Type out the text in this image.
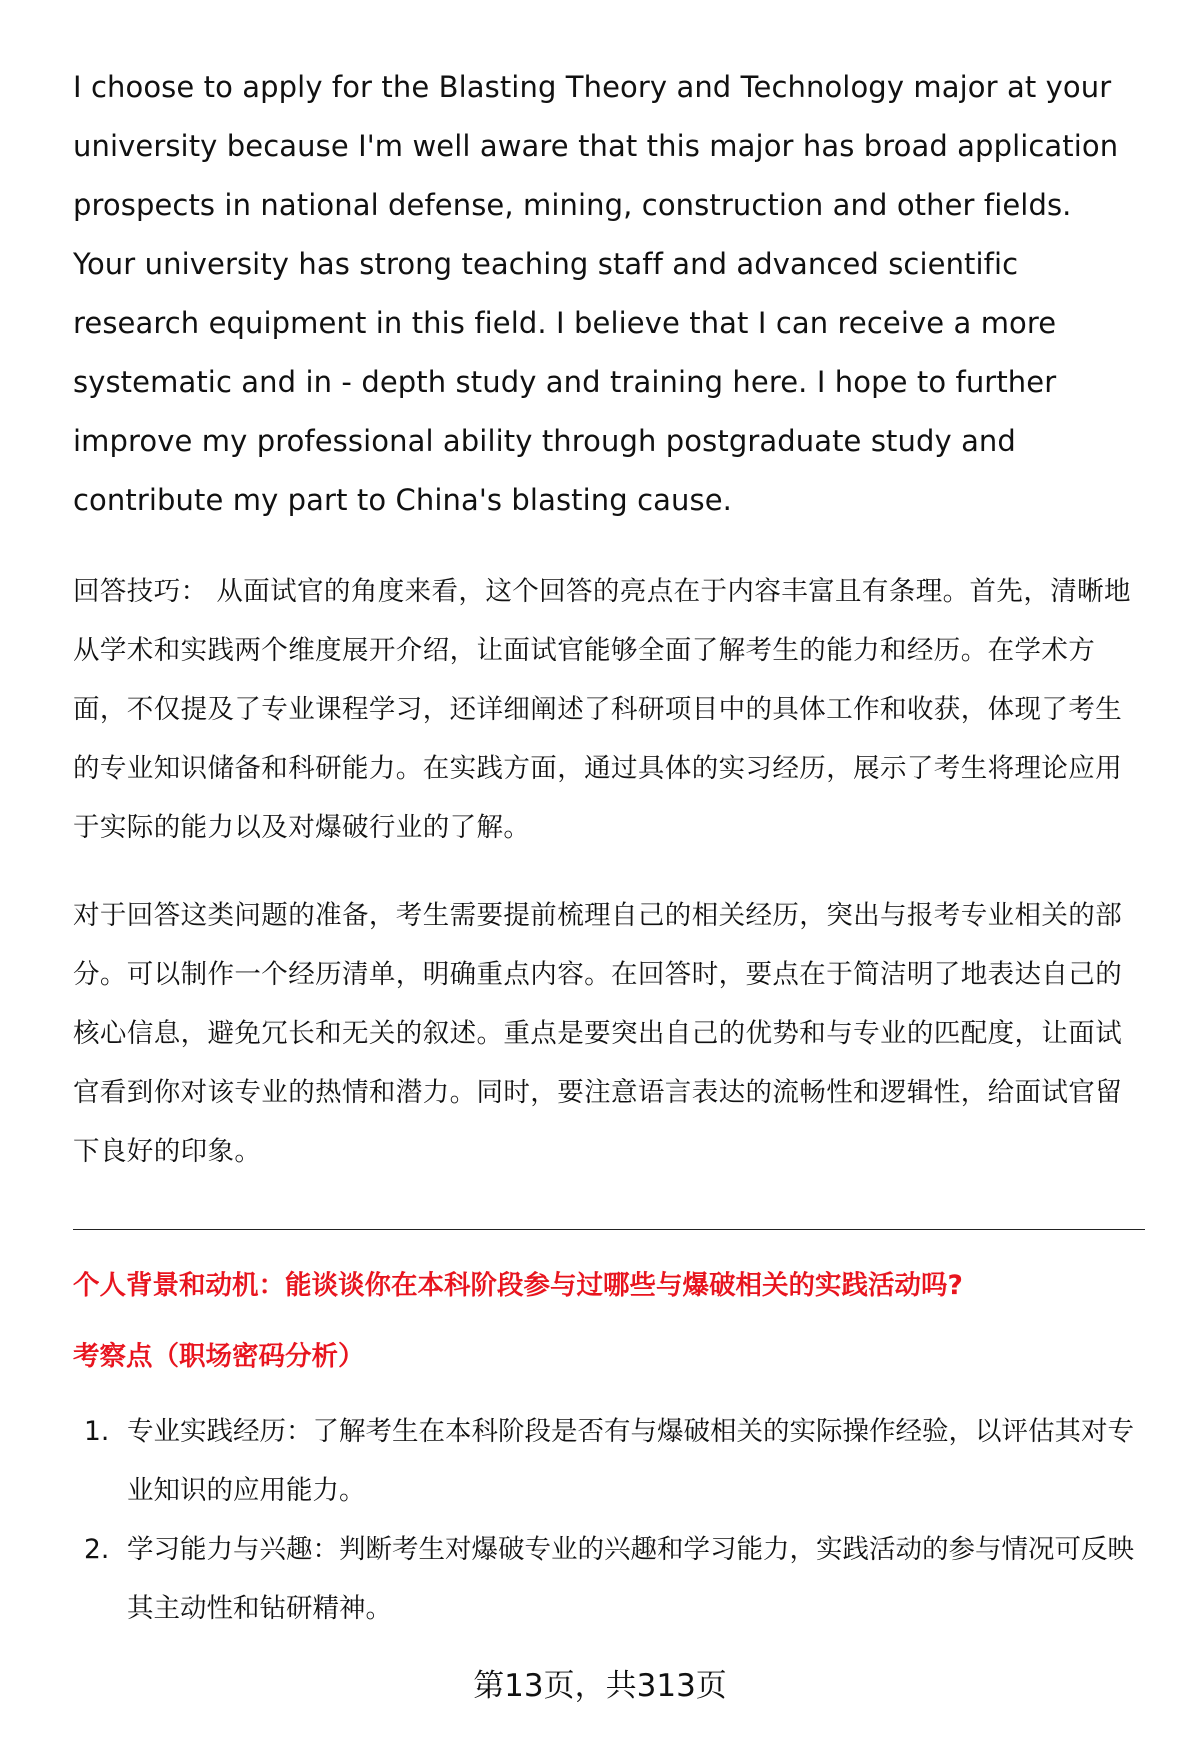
I choose to apply for the Blasting Theory and Technology major at your university because I'm well aware that this major has broad application prospects in national defense, mining, construction and other fields. Your university has strong teaching staff and advanced scientific research equipment in this field. I believe that I can receive a more systematic and in - depth study and training here. I hope to further improve my professional ability through postgraduate study and contribute my part to China's blasting cause.

回答技巧： 从面试官的角度来看，这个回答的亮点在于内容丰富且有条理。首先，清晰地从学术和实践两个维度展开介绍，让面试官能够全面了解考生的能力和经历。在学术方面，不仅提及了专业课程学习，还详细阐述了科研项目中的具体工作和收获，体现了考生的专业知识储备和科研能力。在实践方面，通过具体的实习经历，展示了考生将理论应用于实际的能力以及对爆破行业的了解。

对于回答这类问题的准备，考生需要提前梳理自己的相关经历，突出与报考专业相关的部分。可以制作一个经历清单，明确重点内容。在回答时，要点在于简洁明了地表达自己的核心信息，避免冗长和无关的叙述。重点是要突出自己的优势和与专业的匹配度，让面试官看到你对该专业的热情和潜力。同时，要注意语言表达的流畅性和逻辑性，给面试官留下良好的印象。

个人背景和动机：能谈谈你在本科阶段参与过哪些与爆破相关的实践活动吗?
考察点（职场密码分析）
1. 专业实践经历：了解考生在本科阶段是否有与爆破相关的实际操作经验，以评估其对专业知识的应用能力。
2. 学习能力与兴趣：判断考生对爆破专业的兴趣和学习能力，实践活动的参与情况可反映其主动性和钻研精神。
第13页，共313页
